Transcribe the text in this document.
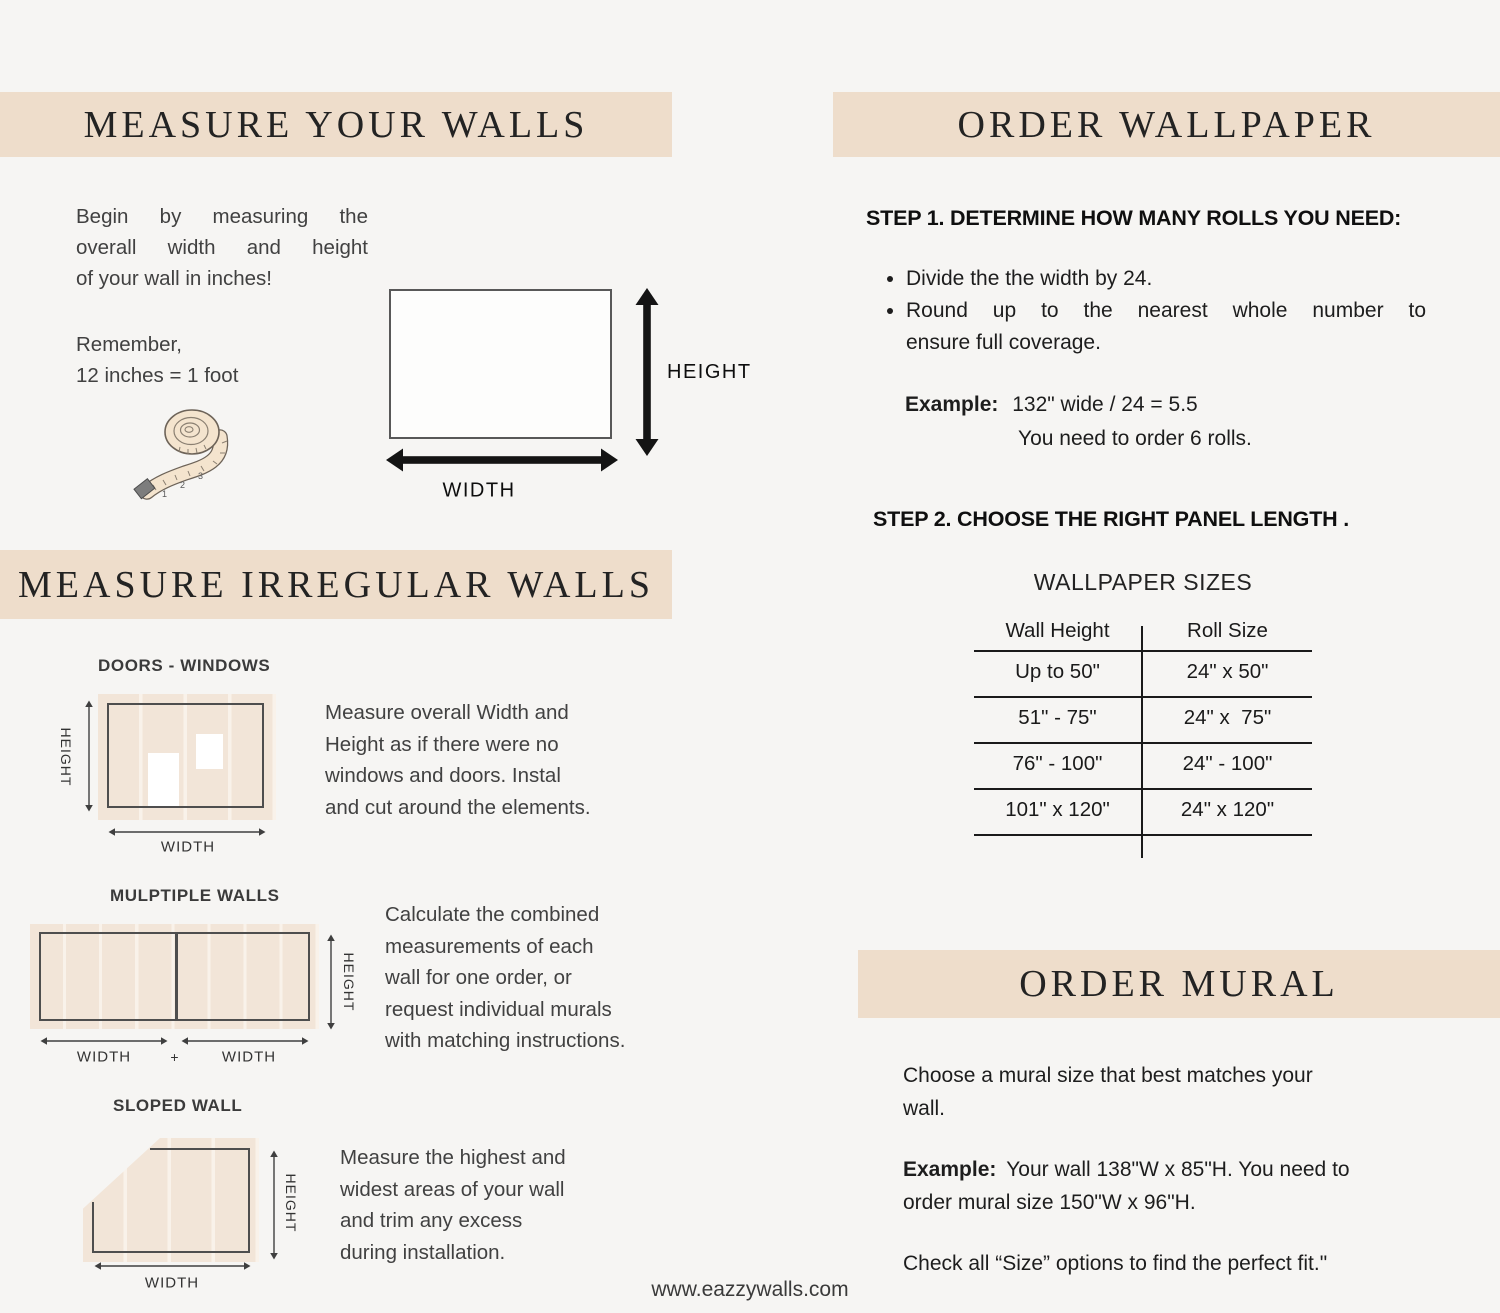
MEASURE YOUR WALLS
Begin by measuring the
overall width and height
of your wall in inches!
Remember,
12 inches = 1 foot
1
2
3
HEIGHT
WIDTH
MEASURE IRREGULAR WALLS
DOORS - WINDOWS
HEIGHT
WIDTH
Measure overall Width and
Height as if there were no
windows and doors. Instal
and cut around the elements.
MULPTIPLE WALLS
HEIGHT
WIDTH	+	WIDTH
Calculate the combined
measurements of each
wall for one order, or
request individual murals
with matching instructions.
SLOPED WALL
HEIGHT
WIDTH
Measure the highest and
widest areas of your wall
and trim any excess
during installation.
www.eazzywalls.com
ORDER WALLPAPER
STEP 1. DETERMINE HOW MANY ROLLS YOU NEED:
• Divide the the width by 24.
• Round up to the nearest whole number to
ensure full coverage.
Example: 132" wide / 24 = 5.5
You need to order 6 rolls.
STEP 2. CHOOSE THE RIGHT PANEL LENGTH .
WALLPAPER SIZES
Wall Height	Roll Size
Up to 50"	24" x 50"
51" - 75"	24" x  75"
76" - 100"	24" - 100"
101" x 120"	24" x 120"
ORDER MURAL
Choose a mural size that best matches your
wall.
Example: Your wall 138"W x 85"H. You need to
order mural size 150"W x 96"H.
Check all “Size” options to find the perfect fit."
